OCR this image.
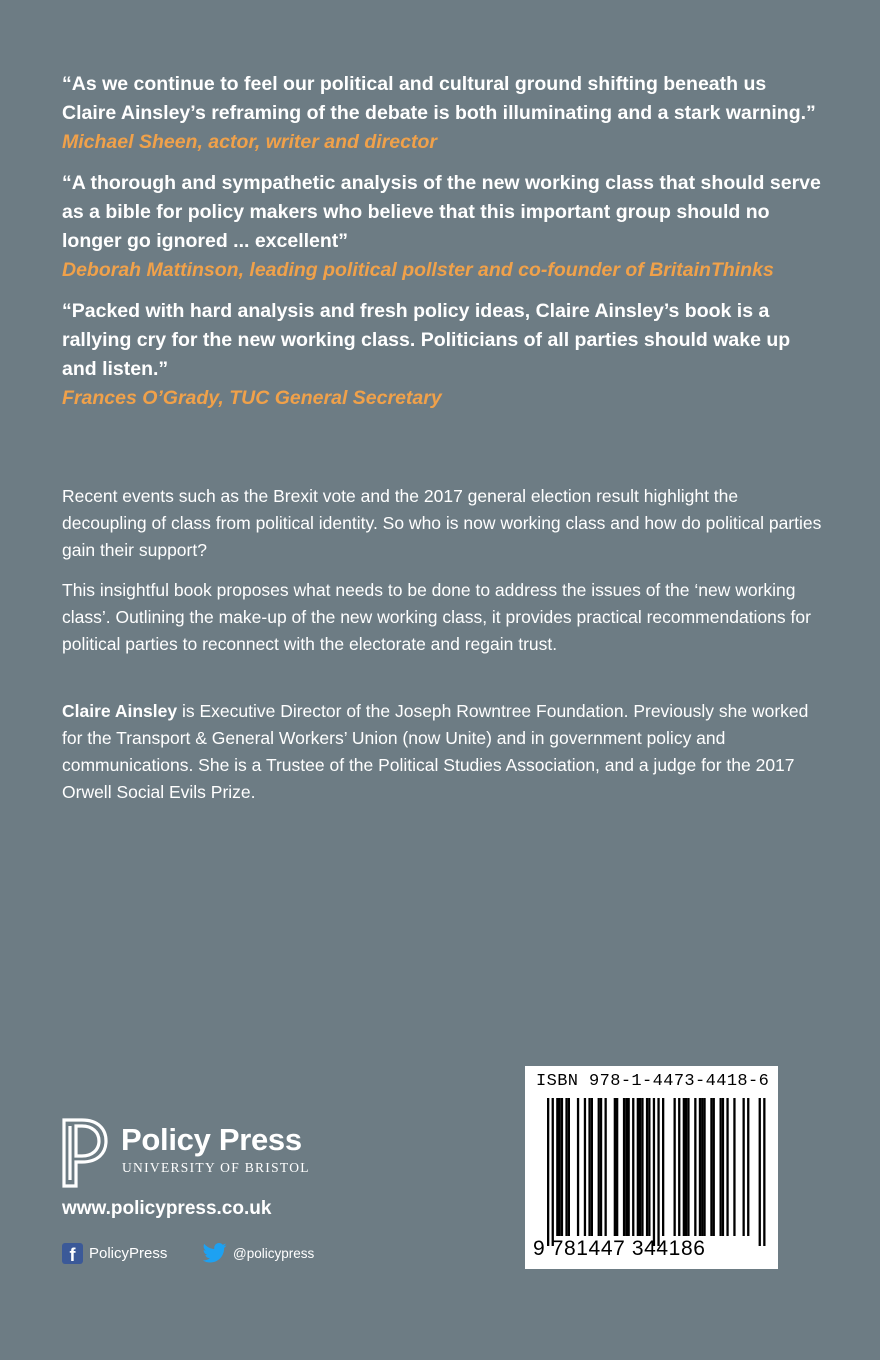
“As we continue to feel our political and cultural ground shifting beneath us Claire Ainsley’s reframing of the debate is both illuminating and a stark warning.”

Michael Sheen, actor, writer and director

“A thorough and sympathetic analysis of the new working class that should serve as a bible for policy makers who believe that this important group should no longer go ignored ... excellent”

Deborah Mattinson, leading political pollster and co-founder of BritainThinks

“Packed with hard analysis and fresh policy ideas, Claire Ainsley’s book is a rallying cry for the new working class. Politicians of all parties should wake up and listen.”

Frances O’Grady, TUC General Secretary

Recent events such as the Brexit vote and the 2017 general election result highlight the decoupling of class from political identity. So who is now working class and how do political parties gain their support?

This insightful book proposes what needs to be done to address the issues of the ‘new working class’. Outlining the make-up of the new working class, it provides practical recommendations for political parties to reconnect with the electorate and regain trust.

Claire Ainsley is Executive Director of the Joseph Rowntree Foundation. Previously she worked for the Transport & General Workers’ Union (now Unite) and in government policy and communications. She is a Trustee of the Political Studies Association, and a judge for the 2017 Orwell Social Evils Prize.

Policy Press
UNIVERSITY OF BRISTOL
www.policypress.co.uk
f PolicyPress	@policypress
ISBN 978-1-4473-4418-6
9 781447 344186
